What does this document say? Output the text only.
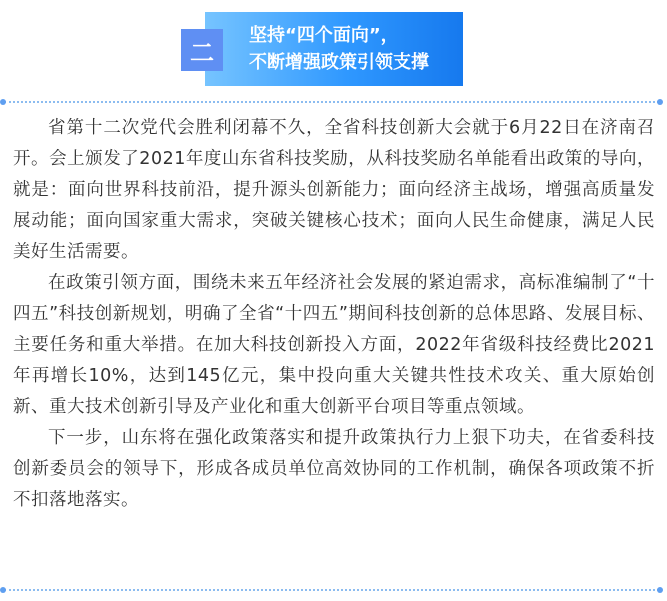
坚持“四个面向”，
不断增强政策引领支撑
二

省第十二次党代会胜利闭幕不久，全省科技创新大会就于6月22日在济南召开。会上颁发了2021年度山东省科技奖励，从科技奖励名单能看出政策的导向，就是：面向世界科技前沿，提升源头创新能力；面向经济主战场，增强高质量发展动能；面向国家重大需求，突破关键核心技术；面向人民生命健康，满足人民美好生活需要。

在政策引领方面，围绕未来五年经济社会发展的紧迫需求，高标准编制了“十四五”科技创新规划，明确了全省“十四五”期间科技创新的总体思路、发展目标、主要任务和重大举措。在加大科技创新投入方面，2022年省级科技经费比2021年再增长10%，达到145亿元，集中投向重大关键共性技术攻关、重大原始创新、重大技术创新引导及产业化和重大创新平台项目等重点领域。

下一步，山东将在强化政策落实和提升政策执行力上狠下功夫，在省委科技创新委员会的领导下，形成各成员单位高效协同的工作机制，确保各项政策不折不扣落地落实。
